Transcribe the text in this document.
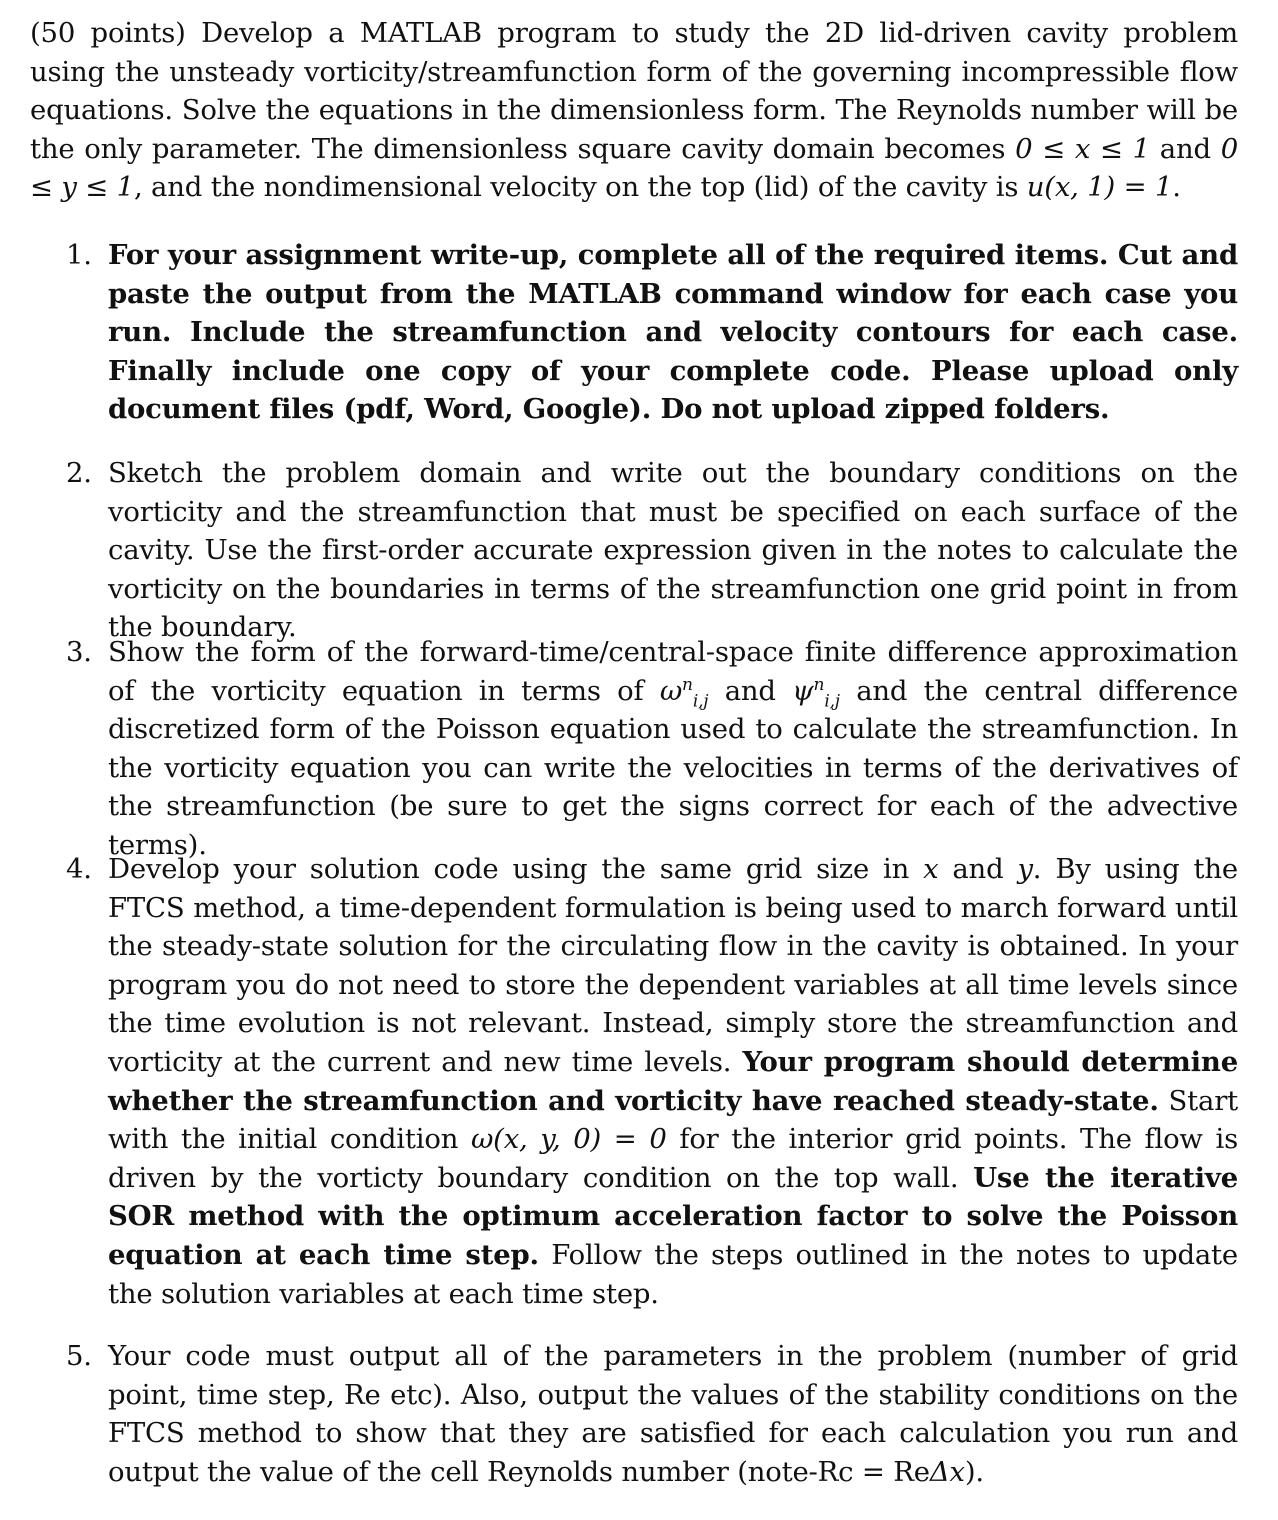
(50 points) Develop a MATLAB program to study the 2D lid-driven cavity problem using the unsteady vorticity/streamfunction form of the governing incompressible flow equations. Solve the equations in the dimensionless form. The Reynolds number will be the only parameter. The dimensionless square cavity domain becomes 0 ≤ x ≤ 1 and 0 ≤ y ≤ 1, and the nondimensional velocity on the top (lid) of the cavity is u(x, 1) = 1.

1. For your assignment write-up, complete all of the required items. Cut and paste the output from the MATLAB command window for each case you run. Include the streamfunction and velocity contours for each case. Finally include one copy of your complete code. Please upload only document files (pdf, Word, Google). Do not upload zipped folders.
2. Sketch the problem domain and write out the boundary conditions on the vorticity and the streamfunction that must be specified on each surface of the cavity. Use the first-order accurate expression given in the notes to calculate the vorticity on the boundaries in terms of the streamfunction one grid point in from the boundary.
3. Show the form of the forward-time/central-space finite difference approximation of the vorticity equation in terms of $\omega^n_{i,j}$ and $\psi^n_{i,j}$ and the central difference discretized form of the Poisson equation used to calculate the streamfunction. In the vorticity equation you can write the velocities in terms of the derivatives of the streamfunction (be sure to get the signs correct for each of the advective terms).
4. Develop your solution code using the same grid size in x and y. By using the FTCS method, a time-dependent formulation is being used to march forward until the steady-state solution for the circulating flow in the cavity is obtained. In your program you do not need to store the dependent variables at all time levels since the time evolution is not relevant. Instead, simply store the streamfunction and vorticity at the current and new time levels. Your program should determine whether the streamfunction and vorticity have reached steady-state. Start with the initial condition ω(x, y, 0) = 0 for the interior grid points. The flow is driven by the vorticty boundary condition on the top wall. Use the iterative SOR method with the optimum acceleration factor to solve the Poisson equation at each time step. Follow the steps outlined in the notes to update the solution variables at each time step.
5. Your code must output all of the parameters in the problem (number of grid point, time step, Re etc). Also, output the values of the stability conditions on the FTCS method to show that they are satisfied for each calculation you run and output the value of the cell Reynolds number (note-Rc = ReΔx).
